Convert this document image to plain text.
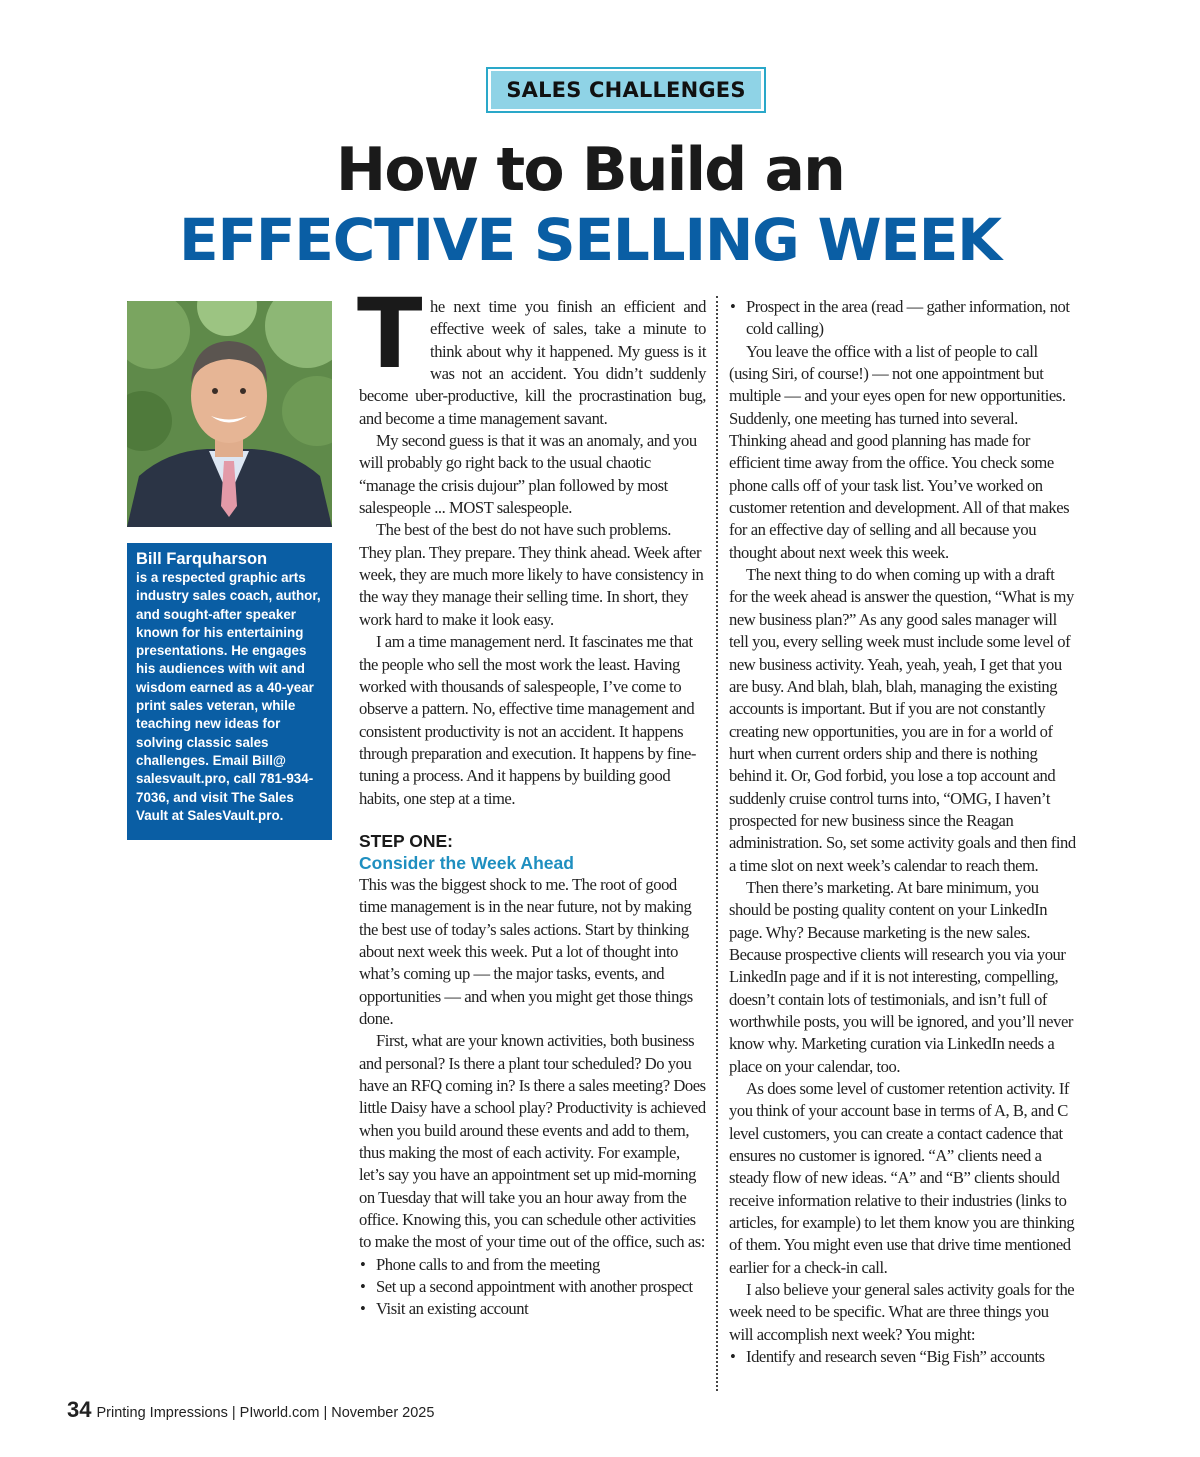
SALES CHALLENGES
How to Build an
EFFECTIVE SELLING WEEK
Bill Farquharson
is a respected graphic arts industry sales coach, author, and sought-after speaker known for his entertaining presentations. He engages his audiences with wit and wisdom earned as a 40-year print sales veteran, while teaching new ideas for solving classic sales challenges. Email Bill@ salesvault.pro, call 781-934-7036, and visit The Sales Vault at SalesVault.pro.

The next time you finish an efficient and effective week of sales, take a minute to think about why it happened. My guess is it was not an accident. You didn’t suddenly become uber-productive, kill the procrastination bug, and become a time management savant.

My second guess is that it was an anomaly, and you will probably go right back to the usual chaotic “manage the crisis dujour” plan followed by most salespeople ... MOST salespeople.

The best of the best do not have such problems. They plan. They prepare. They think ahead. Week after week, they are much more likely to have consistency in the way they manage their selling time. In short, they work hard to make it look easy.

I am a time management nerd. It fascinates me that the people who sell the most work the least. Having worked with thousands of salespeople, I’ve come to observe a pattern. No, effective time management and consistent productivity is not an accident. It happens through preparation and execution. It happens by fine-tuning a process. And it happens by building good habits, one step at a time.

STEP ONE:
Consider the Week Ahead

This was the biggest shock to me. The root of good time management is in the near future, not by making the best use of today’s sales actions. Start by thinking about next week this week. Put a lot of thought into what’s coming up — the major tasks, events, and opportunities — and when you might get those things done.

First, what are your known activities, both business and personal? Is there a plant tour scheduled? Do you have an RFQ coming in? Is there a sales meeting? Does little Daisy have a school play? Productivity is achieved when you build around these events and add to them, thus making the most of each activity. For example, let’s say you have an appointment set up mid-morning on Tuesday that will take you an hour away from the office. Knowing this, you can schedule other activities to make the most of your time out of the office, such as:

• Phone calls to and from the meeting
• Set up a second appointment with another prospect
• Visit an existing account
• Prospect in the area (read — gather information, not cold calling)

You leave the office with a list of people to call (using Siri, of course!) — not one appointment but multiple — and your eyes open for new opportunities. Suddenly, one meeting has turned into several. Thinking ahead and good planning has made for efficient time away from the office. You check some phone calls off of your task list. You’ve worked on customer retention and development. All of that makes for an effective day of selling and all because you thought about next week this week.

The next thing to do when coming up with a draft for the week ahead is answer the question, “What is my new business plan?” As any good sales manager will tell you, every selling week must include some level of new business activity. Yeah, yeah, yeah, I get that you are busy. And blah, blah, blah, managing the existing accounts is important. But if you are not constantly creating new opportunities, you are in for a world of hurt when current orders ship and there is nothing behind it. Or, God forbid, you lose a top account and suddenly cruise control turns into, “OMG, I haven’t prospected for new business since the Reagan administration. So, set some activity goals and then find a time slot on next week’s calendar to reach them.

Then there’s marketing. At bare minimum, you should be posting quality content on your LinkedIn page. Why? Because marketing is the new sales. Because prospective clients will research you via your LinkedIn page and if it is not interesting, compelling, doesn’t contain lots of testimonials, and isn’t full of worthwhile posts, you will be ignored, and you’ll never know why. Marketing curation via LinkedIn needs a place on your calendar, too.

As does some level of customer retention activity. If you think of your account base in terms of A, B, and C level customers, you can create a contact cadence that ensures no customer is ignored. “A” clients need a steady flow of new ideas. “A” and “B” clients should receive information relative to their industries (links to articles, for example) to let them know you are thinking of them. You might even use that drive time mentioned earlier for a check-in call.

I also believe your general sales activity goals for the week need to be specific. What are three things you will accomplish next week? You might:

• Identify and research seven “Big Fish” accounts
34 Printing Impressions | PIworld.com | November 2025
